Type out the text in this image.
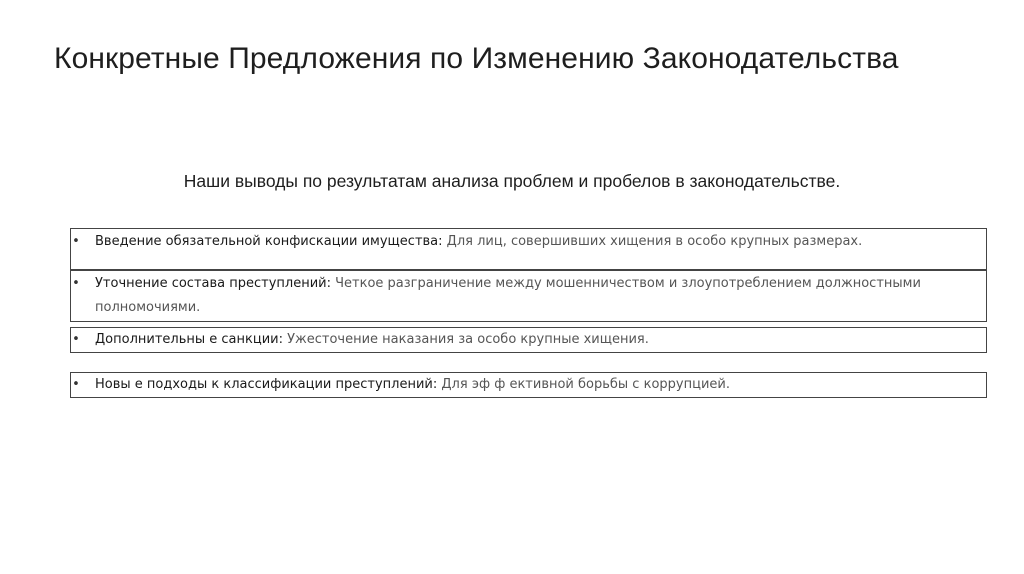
Конкретные Предложения по Изменению Законодательства

Наши выводы по результатам анализа проблем и пробелов в законодательстве.

• Введение обязательной конфискации имущества: Для лиц, совершивших хищения в особо крупных размерах.
• Уточнение состава преступлений: Четкое разграничение между мошенничеством и злоупотреблением должностными полномочиями.
• Дополнительны е санкции: Ужесточение наказания за особо крупные хищения.
• Новы е подходы к классификации преступлений: Для эф ф ективной борьбы с коррупцией.
